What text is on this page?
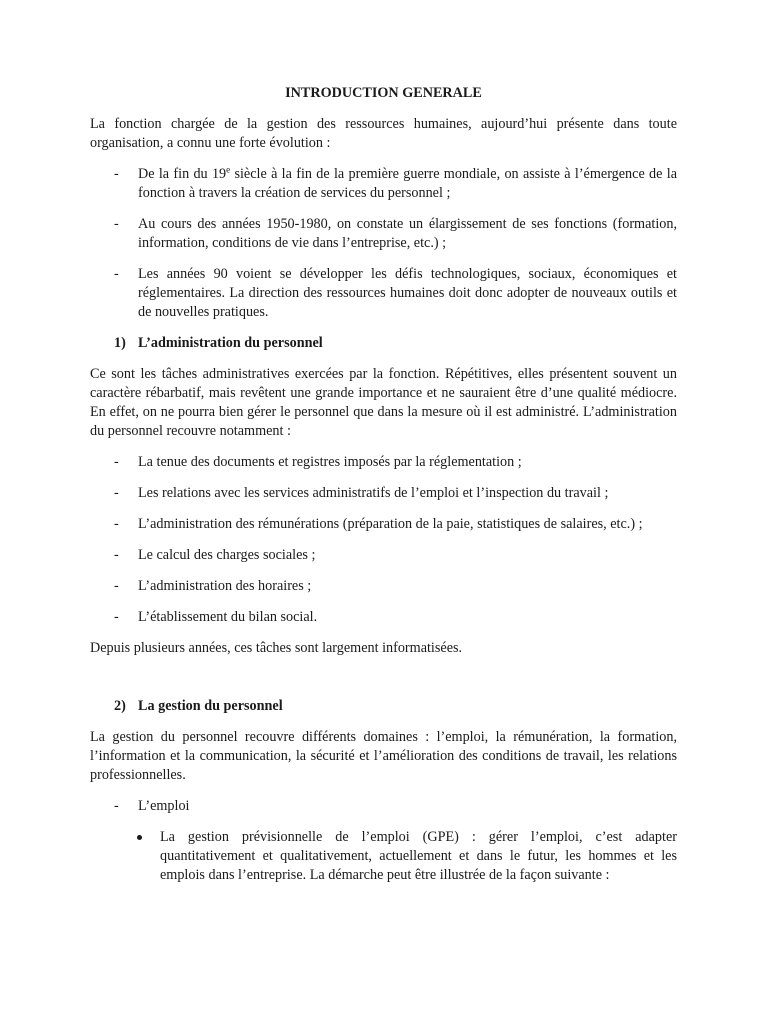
INTRODUCTION GENERALE

La fonction chargée de la gestion des ressources humaines, aujourd’hui présente dans toute organisation, a connu une forte évolution :

- De la fin du 19e siècle à la fin de la première guerre mondiale, on assiste à l’émergence de la fonction à travers la création de services du personnel ;
- Au cours des années 1950-1980, on constate un élargissement de ses fonctions (formation, information, conditions de vie dans l’entreprise, etc.) ;
- Les années 90 voient se développer les défis technologiques, sociaux, économiques et réglementaires. La direction des ressources humaines doit donc adopter de nouveaux outils et de nouvelles pratiques.
1) L’administration du personnel

Ce sont les tâches administratives exercées par la fonction. Répétitives, elles présentent souvent un caractère rébarbatif, mais revêtent une grande importance et ne sauraient être d’une qualité médiocre. En effet, on ne pourra bien gérer le personnel que dans la mesure où il est administré. L’administration du personnel recouvre notamment :

- La tenue des documents et registres imposés par la réglementation ;
- Les relations avec les services administratifs de l’emploi et l’inspection du travail ;
- L’administration des rémunérations (préparation de la paie, statistiques de salaires, etc.) ;
- Le calcul des charges sociales ;
- L’administration des horaires ;
- L’établissement du bilan social.

Depuis plusieurs années, ces tâches sont largement informatisées.

2) La gestion du personnel

La gestion du personnel recouvre différents domaines : l’emploi, la rémunération, la formation, l’information et la communication, la sécurité et l’amélioration des conditions de travail, les relations professionnelles.

- L’emploi
La gestion prévisionnelle de l’emploi (GPE) : gérer l’emploi, c’est adapter quantitativement et qualitativement, actuellement et dans le futur, les hommes et les emplois dans l’entreprise. La démarche peut être illustrée de la façon suivante :
